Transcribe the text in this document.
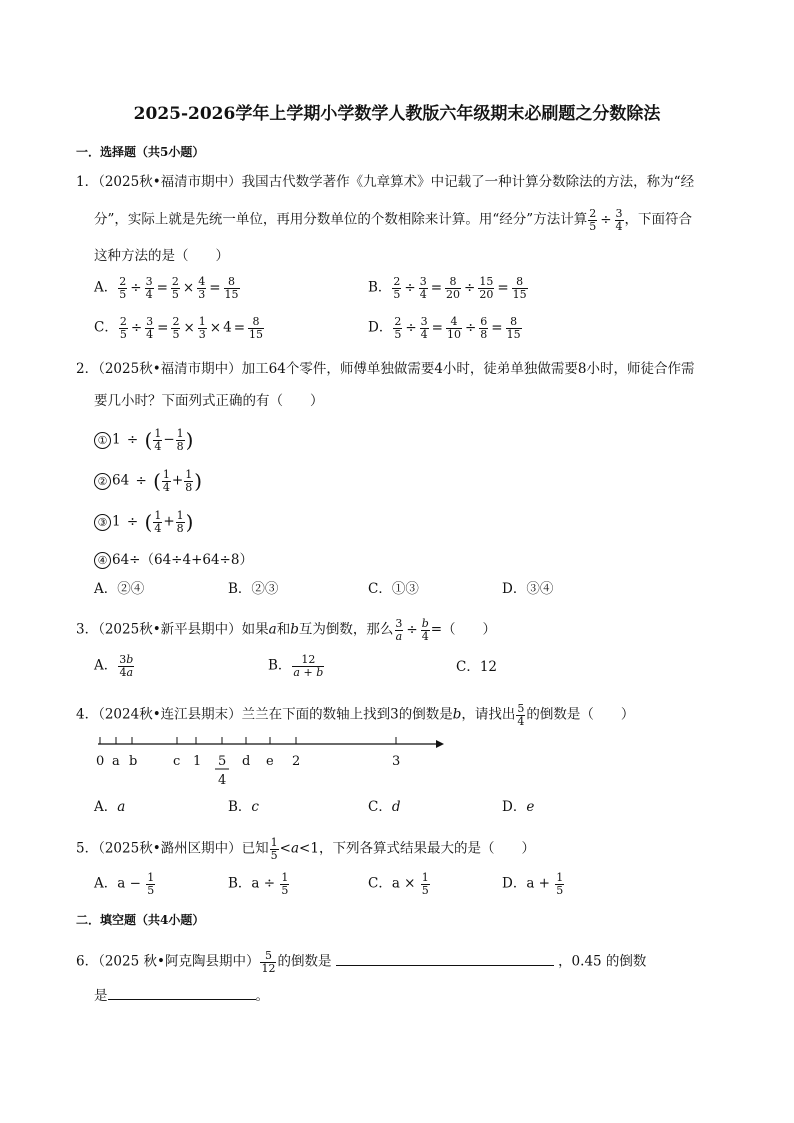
2025-2026学年上学期小学数学人教版六年级期末必刷题之分数除法
一．选择题（共5小题）
1．（2025秋•福清市期中）我国古代数学著作《九章算术》中记载了一种计算分数除法的方法，称为“经
分”，实际上就是先统一单位，再用分数单位的个数相除来计算。用“经分”方法计算 $\frac{2}{5} \div \frac{3}{4}$ ，下面符合
这种方法的是（　　）
A． $\frac{2}{5} \div \frac{3}{4} = \frac{2}{5} \times \frac{4}{3} = \frac{8}{15}$	B． $\frac{2}{5} \div \frac{3}{4} = \frac{8}{20} \div \frac{15}{20} = \frac{8}{15}$
C． $\frac{2}{5} \div \frac{3}{4} = \frac{2}{5} \times \frac{1}{3} \times 4 = \frac{8}{15}$	D． $\frac{2}{5} \div \frac{3}{4} = \frac{4}{10} \div \frac{6}{8} = \frac{8}{15}$
2．（2025秋•福清市期中）加工64个零件，师傅单独做需要4小时，徒弟单独做需要8小时，师徒合作需
要几小时？下面列式正确的有（　　）
① 1 ÷ ( $\frac{1}{4} - \frac{1}{8}$ )
② 64 ÷ ( $\frac{1}{4} + \frac{1}{8}$ )
③ 1 ÷ ( $\frac{1}{4} + \frac{1}{8}$ )
④ 64÷（64÷4+64÷8）
A．②④	B．②③	C．①③	D．③④
3．（2025秋•新平县期中）如果a和b互为倒数，那么 $\frac{3}{a} \div \frac{b}{4}$ =（　　）
A． $\frac{3b}{4a}$	B． $\frac{12}{a + b}$	C．12
4．（2024秋•连江县期末）兰兰在下面的数轴上找到3的倒数是b，请找出 $\frac{5}{4}$ 的倒数是（　　）
0 a b	c 1 5
4
d e 2	3
A．a	B．c	C．d	D．e
5．（2025秋•潞州区期中）已知 $\frac{1}{5} <a<1$，下列各算式结果最大的是（　　）
A．$a - \frac{1}{5}$	B．$a \div \frac{1}{5}$	C．$a \times \frac{1}{5}$	D．$a + \frac{1}{5}$
二．填空题（共4小题）
6．（2025 秋•阿克陶县期中） $\frac{5}{12}$ 的倒数是	，0.45 的倒数
是	。
